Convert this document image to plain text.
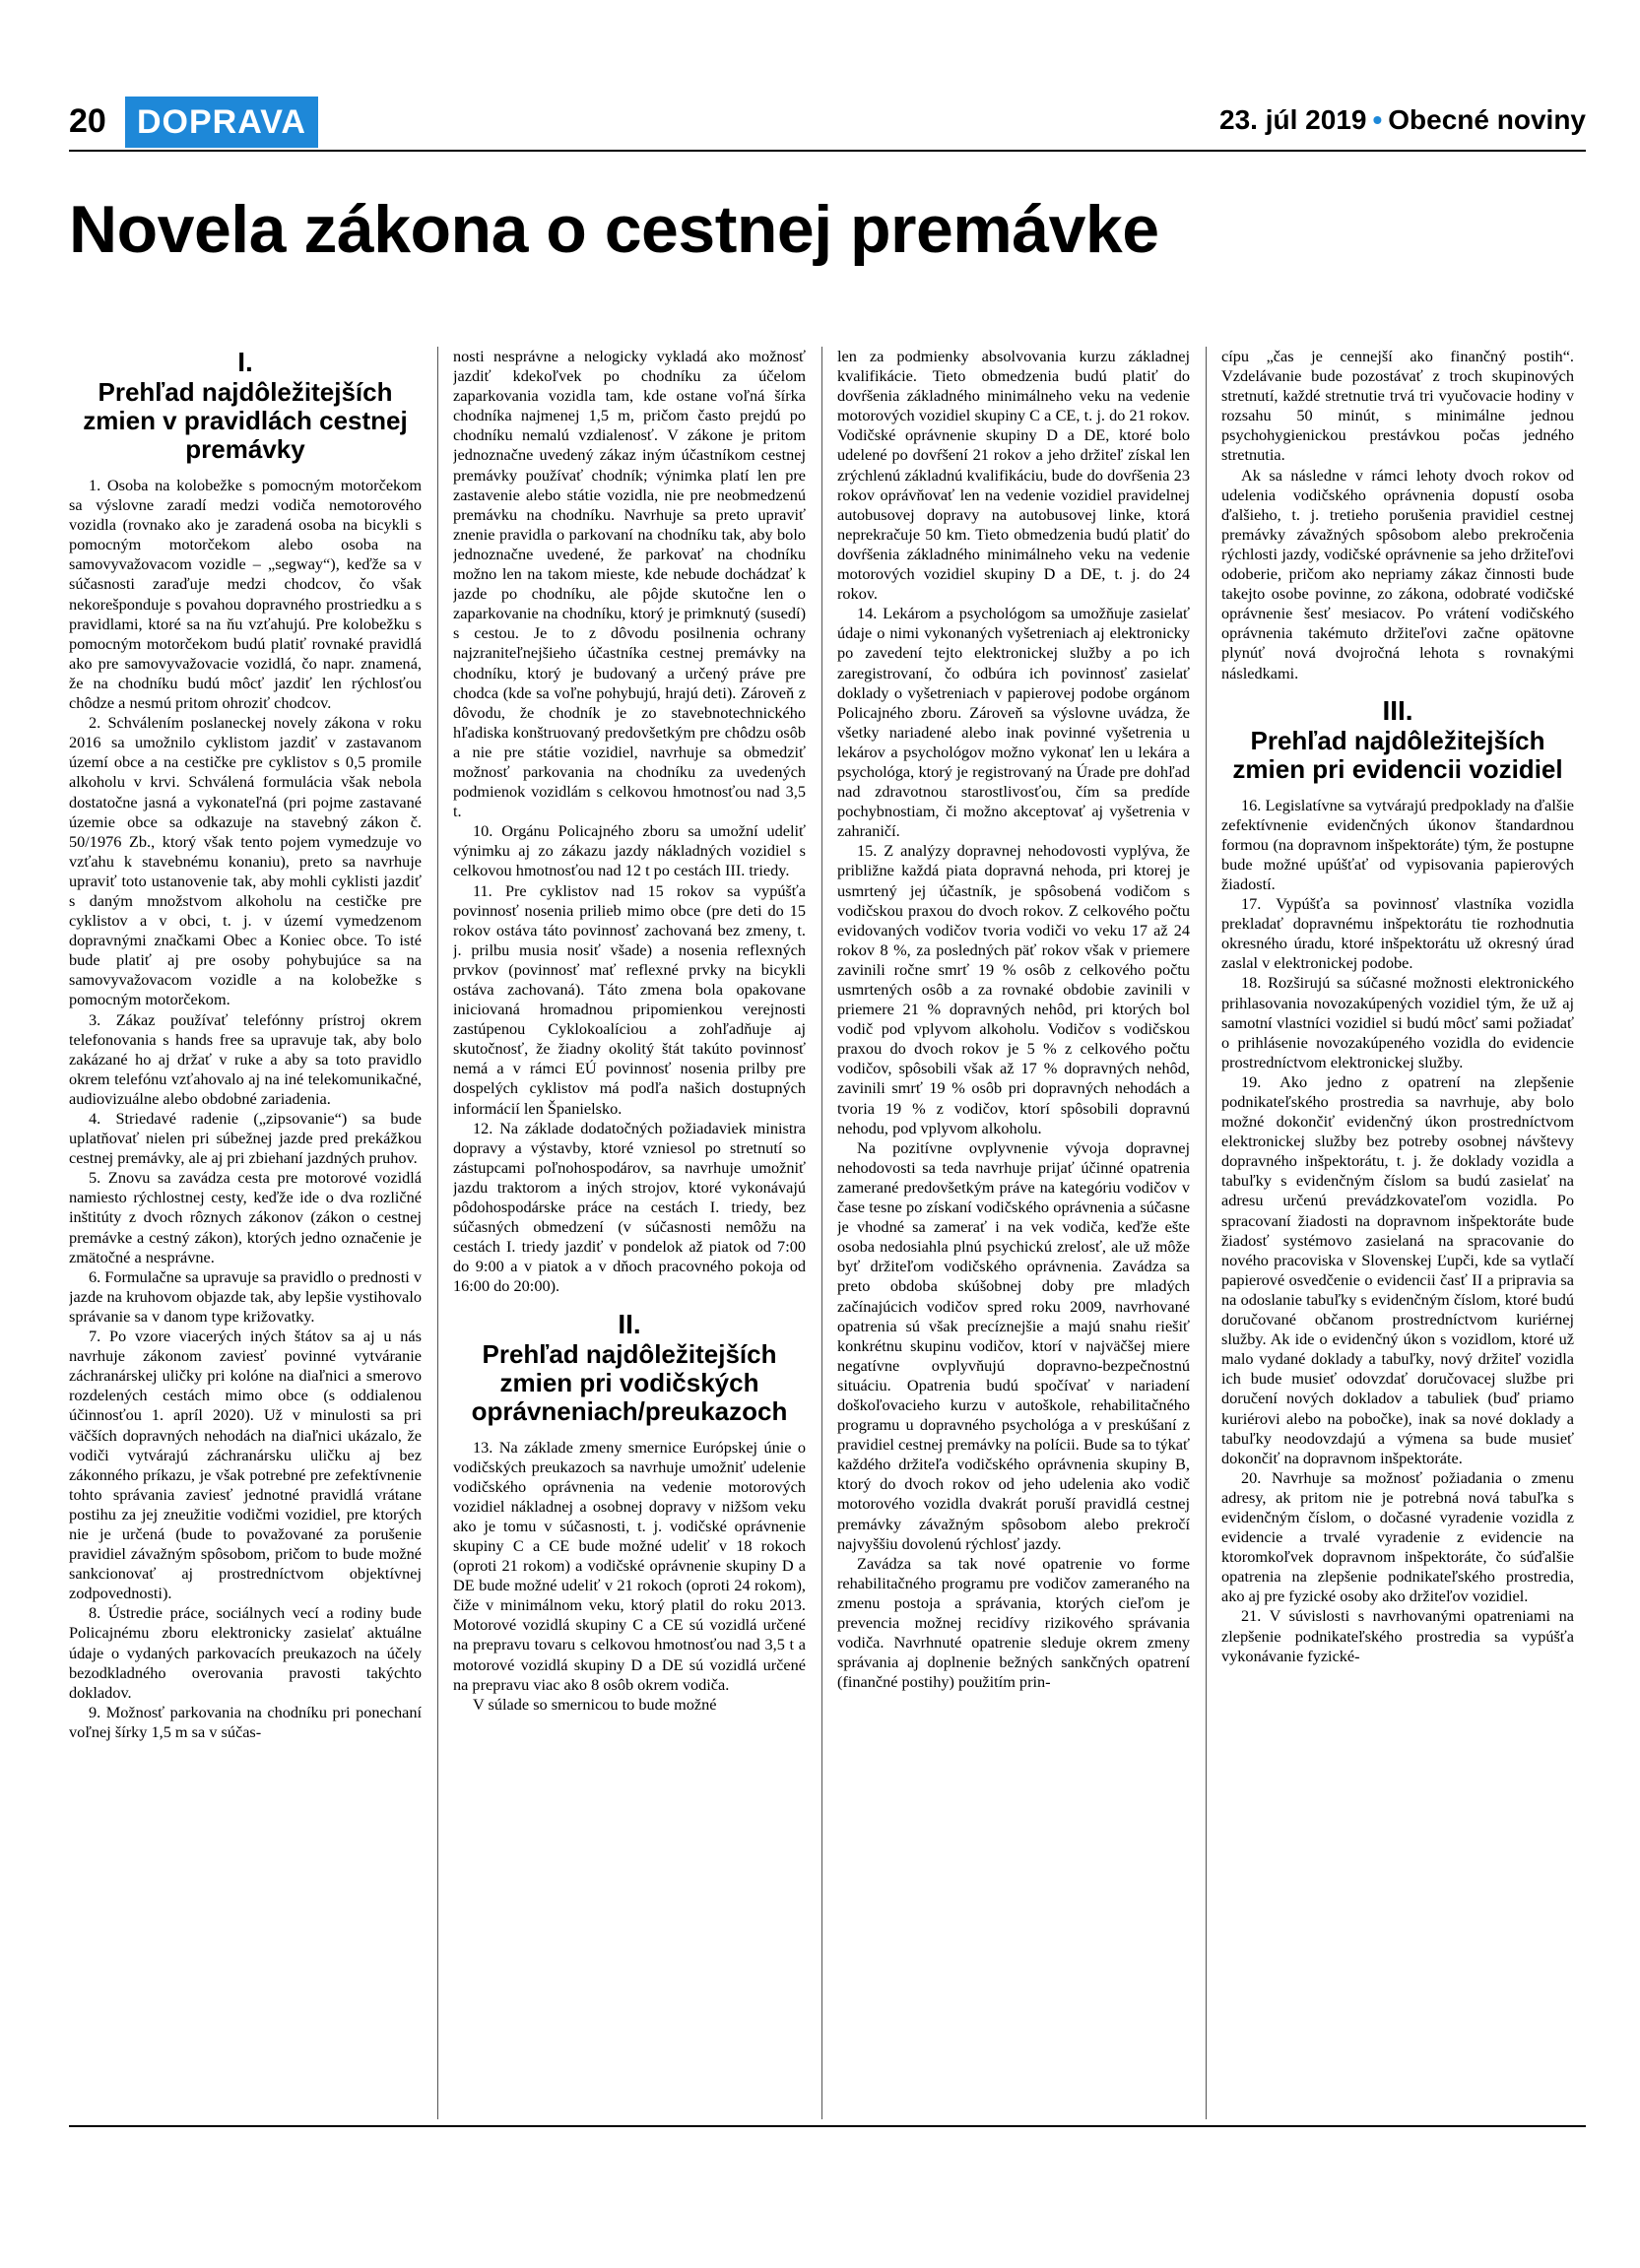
20 DOPRAVA	23. júl 2019 • Obecné noviny
Novela zákona o cestnej premávke
I.
Prehľad najdôležitejších zmien v pravidlách cestnej premávky

1. Osoba na kolobežke s pomocným motorčekom sa výslovne zaradí medzi vodiča nemotorového vozidla (rovnako ako je zaradená osoba na bicykli s pomocným motorčekom alebo osoba na samovyvažovacom vozidle – „segway“), keďže sa v súčasnosti zaraďuje medzi chodcov, čo však nekorešponduje s povahou dopravného prostriedku a s pravidlami, ktoré sa na ňu vzťahujú. Pre kolobežku s pomocným motorčekom budú platiť rovnaké pravidlá ako pre samovyvažovacie vozidlá, čo napr. znamená, že na chodníku budú môcť jazdiť len rýchlosťou chôdze a nesmú pritom ohroziť chodcov.

2. Schválením poslaneckej novely zákona v roku 2016 sa umožnilo cyklistom jazdiť v zastavanom území obce a na cestičke pre cyklistov s 0,5 promile alkoholu v krvi. Schválená formulácia však nebola dostatočne jasná a vykonateľná (pri pojme zastavané územie obce sa odkazuje na stavebný zákon č. 50/1976 Zb., ktorý však tento pojem vymedzuje vo vzťahu k stavebnému konaniu), preto sa navrhuje upraviť toto ustanovenie tak, aby mohli cyklisti jazdiť s daným množstvom alkoholu na cestičke pre cyklistov a v obci, t. j. v území vymedzenom dopravnými značkami Obec a Koniec obce. To isté bude platiť aj pre osoby pohybujúce sa na samovyvažovacom vozidle a na kolobežke s pomocným motorčekom.

3. Zákaz používať telefónny prístroj okrem telefonovania s hands free sa upravuje tak, aby bolo zakázané ho aj držať v ruke a aby sa toto pravidlo okrem telefónu vzťahovalo aj na iné telekomunikačné, audiovizuálne alebo obdobné zariadenia.

4. Striedavé radenie („zipsovanie“) sa bude uplatňovať nielen pri súbežnej jazde pred prekážkou cestnej premávky, ale aj pri zbiehaní jazdných pruhov.

5. Znovu sa zavádza cesta pre motorové vozidlá namiesto rýchlostnej cesty, keďže ide o dva rozličné inštitúty z dvoch rôznych zákonov (zákon o cestnej premávke a cestný zákon), ktorých jedno označenie je zmätočné a nesprávne.

6. Formulačne sa upravuje sa pravidlo o prednosti v jazde na kruhovom objazde tak, aby lepšie vystihovalo správanie sa v danom type križovatky.

7. Po vzore viacerých iných štátov sa aj u nás navrhuje zákonom zaviesť povinné vytváranie záchranárskej uličky pri kolóne na diaľnici a smerovo rozdelených cestách mimo obce (s oddialenou účinnosťou 1. apríl 2020). Už v minulosti sa pri väčších dopravných nehodách na diaľnici ukázalo, že vodiči vytvárajú záchranársku uličku aj bez zákonného príkazu, je však potrebné pre zefektívnenie tohto správania zaviesť jednotné pravidlá vrátane postihu za jej zneužitie vodičmi vozidiel, pre ktorých nie je určená (bude to považované za porušenie pravidiel závažným spôsobom, pričom to bude možné sankcionovať aj prostredníctvom objektívnej zodpovednosti).

8. Ústredie práce, sociálnych vecí a rodiny bude Policajnému zboru elektronicky zasielať aktuálne údaje o vydaných parkovacích preukazoch na účely bezodkladného overovania pravosti takýchto dokladov.

9. Možnosť parkovania na chodníku pri ponechaní voľnej šírky 1,5 m sa v súčas-

nosti nesprávne a nelogicky vykladá ako možnosť jazdiť kdekoľvek po chodníku za účelom zaparkovania vozidla tam, kde ostane voľná šírka chodníka najmenej 1,5 m, pričom často prejdú po chodníku nemalú vzdialenosť. V zákone je pritom jednoznačne uvedený zákaz iným účastníkom cestnej premávky používať chodník; výnimka platí len pre zastavenie alebo státie vozidla, nie pre neobmedzenú premávku na chodníku. Navrhuje sa preto upraviť znenie pravidla o parkovaní na chodníku tak, aby bolo jednoznačne uvedené, že parkovať na chodníku možno len na takom mieste, kde nebude dochádzať k jazde po chodníku, ale pôjde skutočne len o zaparkovanie na chodníku, ktorý je primknutý (susedí) s cestou. Je to z dôvodu posilnenia ochrany najzraniteľnejšieho účastníka cestnej premávky na chodníku, ktorý je budovaný a určený práve pre chodca (kde sa voľne pohybujú, hrajú deti). Zároveň z dôvodu, že chodník je zo stavebnotechnického hľadiska konštruovaný predovšetkým pre chôdzu osôb a nie pre státie vozidiel, navrhuje sa obmedziť možnosť parkovania na chodníku za uvedených podmienok vozidlám s celkovou hmotnosťou nad 3,5 t.

10. Orgánu Policajného zboru sa umožní udeliť výnimku aj zo zákazu jazdy nákladných vozidiel s celkovou hmotnosťou nad 12 t po cestách III. triedy.

11. Pre cyklistov nad 15 rokov sa vypúšťa povinnosť nosenia prilieb mimo obce (pre deti do 15 rokov ostáva táto povinnosť zachovaná bez zmeny, t. j. prilbu musia nosiť všade) a nosenia reflexných prvkov (povinnosť mať reflexné prvky na bicykli ostáva zachovaná). Táto zmena bola opakovane iniciovaná hromadnou pripomienkou verejnosti zastúpenou Cyklokoalíciou a zohľadňuje aj skutočnosť, že žiadny okolitý štát takúto povinnosť nemá a v rámci EÚ povinnosť nosenia prilby pre dospelých cyklistov má podľa našich dostupných informácií len Španielsko.

12. Na základe dodatočných požiadaviek ministra dopravy a výstavby, ktoré vzniesol po stretnutí so zástupcami poľnohospodárov, sa navrhuje umožniť jazdu traktorom a iných strojov, ktoré vykonávajú pôdohospodárske práce na cestách I. triedy, bez súčasných obmedzení (v súčasnosti nemôžu na cestách I. triedy jazdiť v pondelok až piatok od 7:00 do 9:00 a v piatok a v dňoch pracovného pokoja od 16:00 do 20:00).

II.
Prehľad najdôležitejších zmien pri vodičských oprávneniach/preukazoch

13. Na základe zmeny smernice Európskej únie o vodičských preukazoch sa navrhuje umožniť udelenie vodičského oprávnenia na vedenie motorových vozidiel nákladnej a osobnej dopravy v nižšom veku ako je tomu v súčasnosti, t. j. vodičské oprávnenie skupiny C a CE bude možné udeliť v 18 rokoch (oproti 21 rokom) a vodičské oprávnenie skupiny D a DE bude možné udeliť v 21 rokoch (oproti 24 rokom), čiže v minimálnom veku, ktorý platil do roku 2013. Motorové vozidlá skupiny C a CE sú vozidlá určené na prepravu tovaru s celkovou hmotnosťou nad 3,5 t a motorové vozidlá skupiny D a DE sú vozidlá určené na prepravu viac ako 8 osôb okrem vodiča.

V súlade so smernicou to bude možné

len za podmienky absolvovania kurzu základnej kvalifikácie. Tieto obmedzenia budú platiť do dovŕšenia základného minimálneho veku na vedenie motorových vozidiel skupiny C a CE, t. j. do 21 rokov. Vodičské oprávnenie skupiny D a DE, ktoré bolo udelené po dovŕšení 21 rokov a jeho držiteľ získal len zrýchlenú základnú kvalifikáciu, bude do dovŕšenia 23 rokov oprávňovať len na vedenie vozidiel pravidelnej autobusovej dopravy na autobusovej linke, ktorá neprekračuje 50 km. Tieto obmedzenia budú platiť do dovŕšenia základného minimálneho veku na vedenie motorových vozidiel skupiny D a DE, t. j. do 24 rokov.

14. Lekárom a psychológom sa umožňuje zasielať údaje o nimi vykonaných vyšetreniach aj elektronicky po zavedení tejto elektronickej služby a po ich zaregistrovaní, čo odbúra ich povinnosť zasielať doklady o vyšetreniach v papierovej podobe orgánom Policajného zboru. Zároveň sa výslovne uvádza, že všetky nariadené alebo inak povinné vyšetrenia u lekárov a psychológov možno vykonať len u lekára a psychológa, ktorý je registrovaný na Úrade pre dohľad nad zdravotnou starostlivosťou, čím sa predíde pochybnostiam, či možno akceptovať aj vyšetrenia v zahraničí.

15. Z analýzy dopravnej nehodovosti vyplýva, že približne každá piata dopravná nehoda, pri ktorej je usmrtený jej účastník, je spôsobená vodičom s vodičskou praxou do dvoch rokov. Z celkového počtu evidovaných vodičov tvoria vodiči vo veku 17 až 24 rokov 8 %, za posledných päť rokov však v priemere zavinili ročne smrť 19 % osôb z celkového počtu usmrtených osôb a za rovnaké obdobie zavinili v priemere 21 % dopravných nehôd, pri ktorých bol vodič pod vplyvom alkoholu. Vodičov s vodičskou praxou do dvoch rokov je 5 % z celkového počtu vodičov, spôsobili však až 17 % dopravných nehôd, zavinili smrť 19 % osôb pri dopravných nehodách a tvoria 19 % z vodičov, ktorí spôsobili dopravnú nehodu, pod vplyvom alkoholu.

Na pozitívne ovplyvnenie vývoja dopravnej nehodovosti sa teda navrhuje prijať účinné opatrenia zamerané predovšetkým práve na kategóriu vodičov v čase tesne po získaní vodičského oprávnenia a súčasne je vhodné sa zamerať i na vek vodiča, keďže ešte osoba nedosiahla plnú psychickú zrelosť, ale už môže byť držiteľom vodičského oprávnenia. Zavádza sa preto obdoba skúšobnej doby pre mladých začínajúcich vodičov spred roku 2009, navrhované opatrenia sú však precíznejšie a majú snahu riešiť konkrétnu skupinu vodičov, ktorí v najväčšej miere negatívne ovplyvňujú dopravno-bezpečnostnú situáciu. Opatrenia budú spočívať v nariadení doškoľovacieho kurzu v autoškole, rehabilitačného programu u dopravného psychológa a v preskúšaní z pravidiel cestnej premávky na polícii. Bude sa to týkať každého držiteľa vodičského oprávnenia skupiny B, ktorý do dvoch rokov od jeho udelenia ako vodič motorového vozidla dvakrát poruší pravidlá cestnej premávky závažným spôsobom alebo prekročí najvyššiu dovolenú rýchlosť jazdy.

Zavádza sa tak nové opatrenie vo forme rehabilitačného programu pre vodičov zameraného na zmenu postoja a správania, ktorých cieľom je prevencia možnej recidívy rizikového správania vodiča. Navrhnuté opatrenie sleduje okrem zmeny správania aj doplnenie bežných sankčných opatrení (finančné postihy) použitím prin-

cípu „čas je cennejší ako finančný postih“. Vzdelávanie bude pozostávať z troch skupinových stretnutí, každé stretnutie trvá tri vyučovacie hodiny v rozsahu 50 minút, s minimálne jednou psychohygienickou prestávkou počas jedného stretnutia.

Ak sa následne v rámci lehoty dvoch rokov od udelenia vodičského oprávnenia dopustí osoba ďalšieho, t. j. tretieho porušenia pravidiel cestnej premávky závažných spôsobom alebo prekročenia rýchlosti jazdy, vodičské oprávnenie sa jeho držiteľovi odoberie, pričom ako nepriamy zákaz činnosti bude takejto osobe povinne, zo zákona, odobraté vodičské oprávnenie šesť mesiacov. Po vrátení vodičského oprávnenia takémuto držiteľovi začne opätovne plynúť nová dvojročná lehota s rovnakými následkami.

III.
Prehľad najdôležitejších zmien pri evidencii vozidiel

16. Legislatívne sa vytvárajú predpoklady na ďalšie zefektívnenie evidenčných úkonov štandardnou formou (na dopravnom inšpektoráte) tým, že postupne bude možné upúšťať od vypisovania papierových žiadostí.

17. Vypúšťa sa povinnosť vlastníka vozidla prekladať dopravnému inšpektorátu tie rozhodnutia okresného úradu, ktoré inšpektorátu už okresný úrad zaslal v elektronickej podobe.

18. Rozširujú sa súčasné možnosti elektronického prihlasovania novozakúpených vozidiel tým, že už aj samotní vlastníci vozidiel si budú môcť sami požiadať o prihlásenie novozakúpeného vozidla do evidencie prostredníctvom elektronickej služby.

19. Ako jedno z opatrení na zlepšenie podnikateľského prostredia sa navrhuje, aby bolo možné dokončiť evidenčný úkon prostredníctvom elektronickej služby bez potreby osobnej návštevy dopravného inšpektorátu, t. j. že doklady vozidla a tabuľky s evidenčným číslom sa budú zasielať na adresu určenú prevádzkovateľom vozidla. Po spracovaní žiadosti na dopravnom inšpektoráte bude žiadosť systémovo zasielaná na spracovanie do nového pracoviska v Slovenskej Ľupči, kde sa vytlačí papierové osvedčenie o evidencii časť II a pripravia sa na odoslanie tabuľky s evidenčným číslom, ktoré budú doručované občanom prostredníctvom kuriérnej služby. Ak ide o evidenčný úkon s vozidlom, ktoré už malo vydané doklady a tabuľky, nový držiteľ vozidla ich bude musieť odovzdať doručovacej službe pri doručení nových dokladov a tabuliek (buď priamo kuriérovi alebo na pobočke), inak sa nové doklady a tabuľky neodovzdajú a výmena sa bude musieť dokončiť na dopravnom inšpektoráte.

20. Navrhuje sa možnosť požiadania o zmenu adresy, ak pritom nie je potrebná nová tabuľka s evidenčným číslom, o dočasné vyradenie vozidla z evidencie a trvalé vyradenie z evidencie na ktoromkoľvek dopravnom inšpektoráte, čo súďalšie opatrenia na zlepšenie podnikateľského prostredia, ako aj pre fyzické osoby ako držiteľov vozidiel.

21. V súvislosti s navrhovanými opatreniami na zlepšenie podnikateľského prostredia sa vypúšťa vykonávanie fyzické-
